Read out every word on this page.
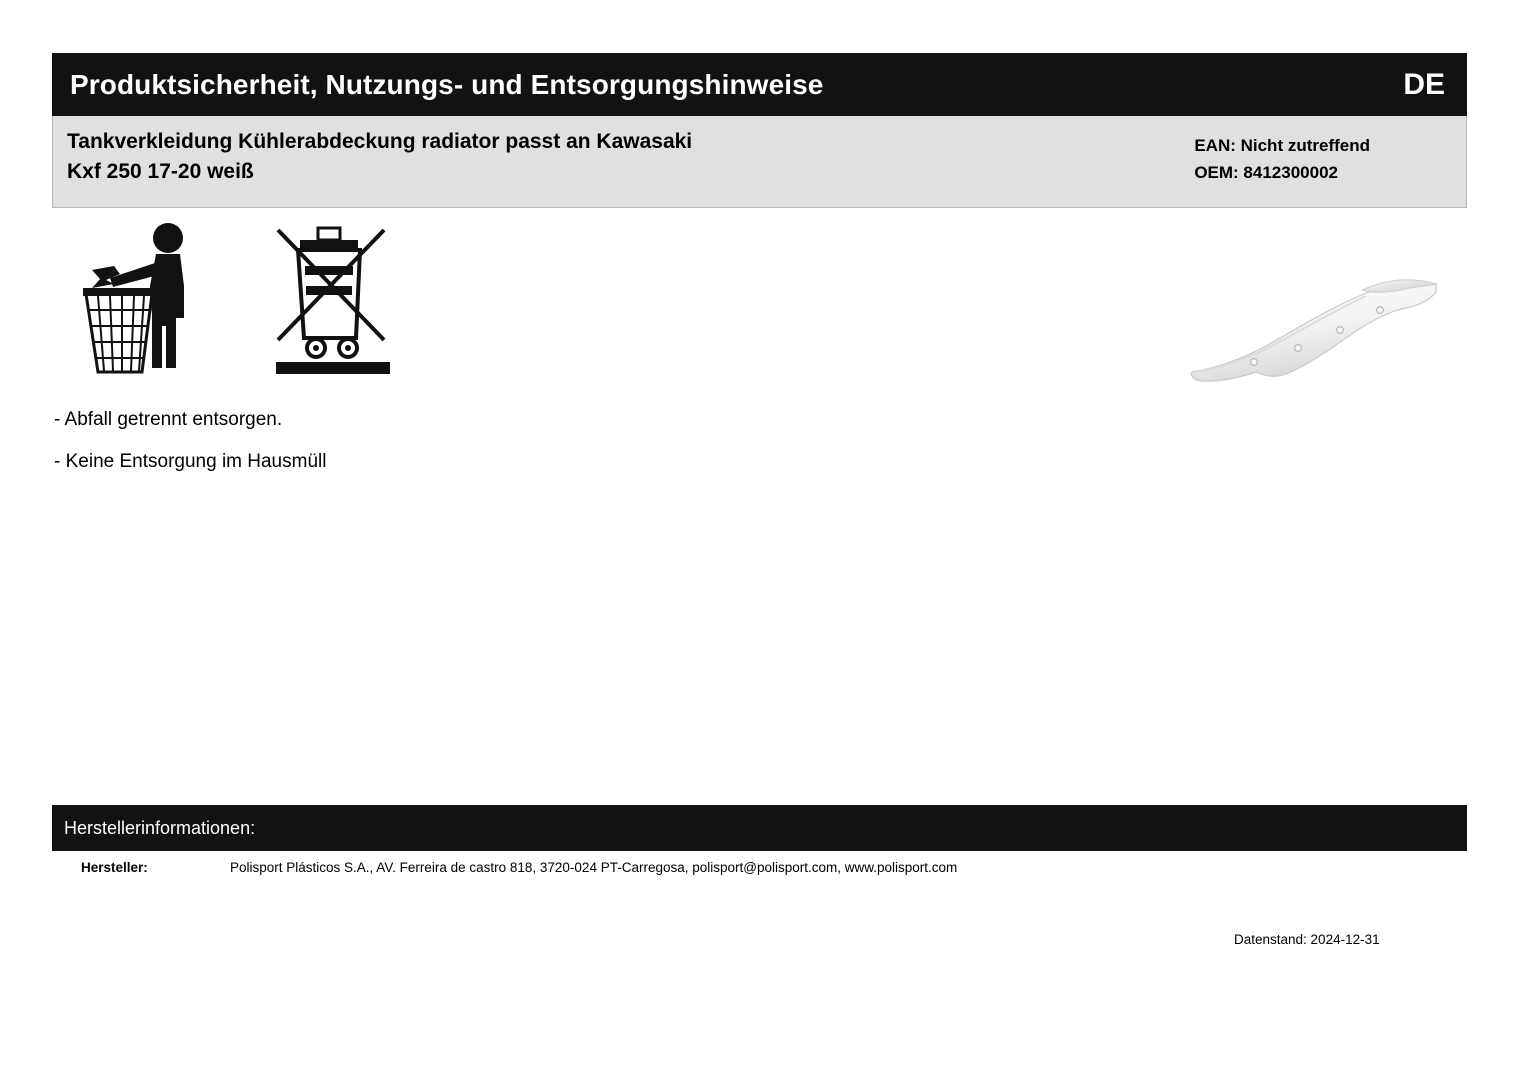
Produktsicherheit, Nutzungs- und Entsorgungshinweise	DE
Tankverkleidung Kühlerabdeckung radiator passt an Kawasaki
Kxf 250 17-20 weiß
EAN: Nicht zutreffend
OEM: 8412300002
- Abfall getrennt entsorgen.
- Keine Entsorgung im Hausmüll
Herstellerinformationen:
Hersteller:	Polisport Plásticos S.A., AV. Ferreira de castro 818, 3720-024 PT-Carregosa, polisport@polisport.com, www.polisport.com
Datenstand: 2024-12-31
